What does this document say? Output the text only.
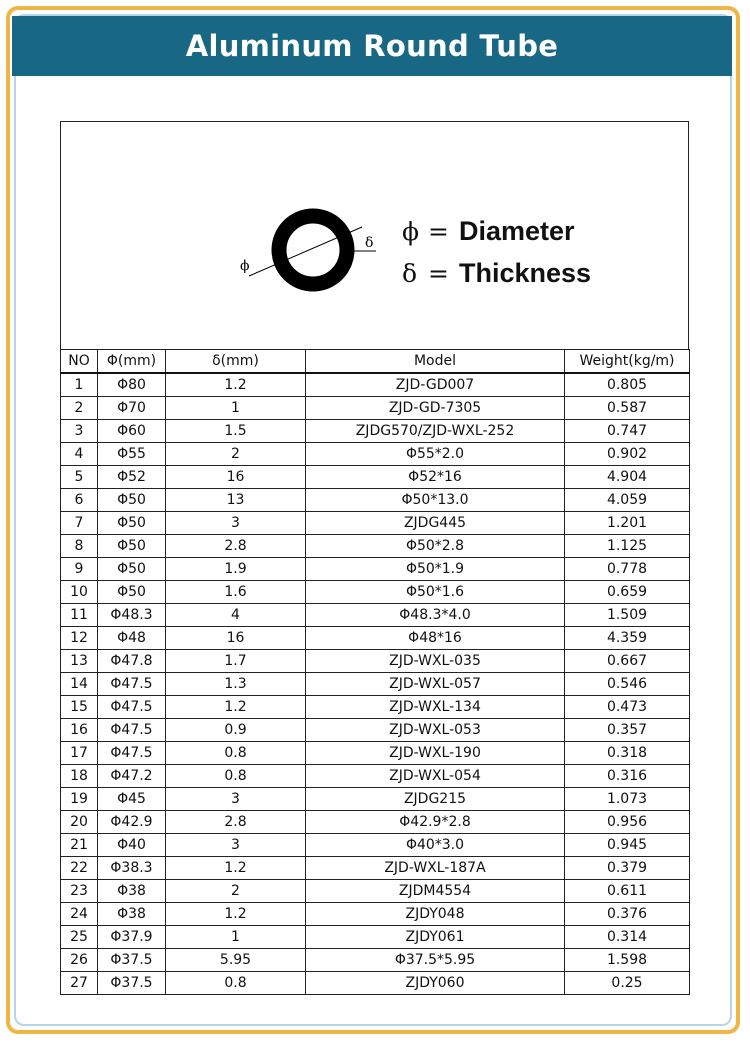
Aluminum Round Tube
ϕ
δ ϕ = Diameter
δ = Thickness
NO	Φ(mm)	δ(mm)	Model	Weight(kg/m)
1	Φ80	1.2	ZJD-GD007	0.805
2	Φ70	1	ZJD-GD-7305	0.587
3	Φ60	1.5	ZJDG570/ZJD-WXL-252	0.747
4	Φ55	2	Φ55*2.0	0.902
5	Φ52	16	Φ52*16	4.904
6	Φ50	13	Φ50*13.0	4.059
7	Φ50	3	ZJDG445	1.201
8	Φ50	2.8	Φ50*2.8	1.125
9	Φ50	1.9	Φ50*1.9	0.778
10	Φ50	1.6	Φ50*1.6	0.659
11	Φ48.3	4	Φ48.3*4.0	1.509
12	Φ48	16	Φ48*16	4.359
13	Φ47.8	1.7	ZJD-WXL-035	0.667
14	Φ47.5	1.3	ZJD-WXL-057	0.546
15	Φ47.5	1.2	ZJD-WXL-134	0.473
16	Φ47.5	0.9	ZJD-WXL-053	0.357
17	Φ47.5	0.8	ZJD-WXL-190	0.318
18	Φ47.2	0.8	ZJD-WXL-054	0.316
19	Φ45	3	ZJDG215	1.073
20	Φ42.9	2.8	Φ42.9*2.8	0.956
21	Φ40	3	Φ40*3.0	0.945
22	Φ38.3	1.2	ZJD-WXL-187A	0.379
23	Φ38	2	ZJDM4554	0.611
24	Φ38	1.2	ZJDY048	0.376
25	Φ37.9	1	ZJDY061	0.314
26	Φ37.5	5.95	Φ37.5*5.95	1.598
27	Φ37.5	0.8	ZJDY060	0.25
